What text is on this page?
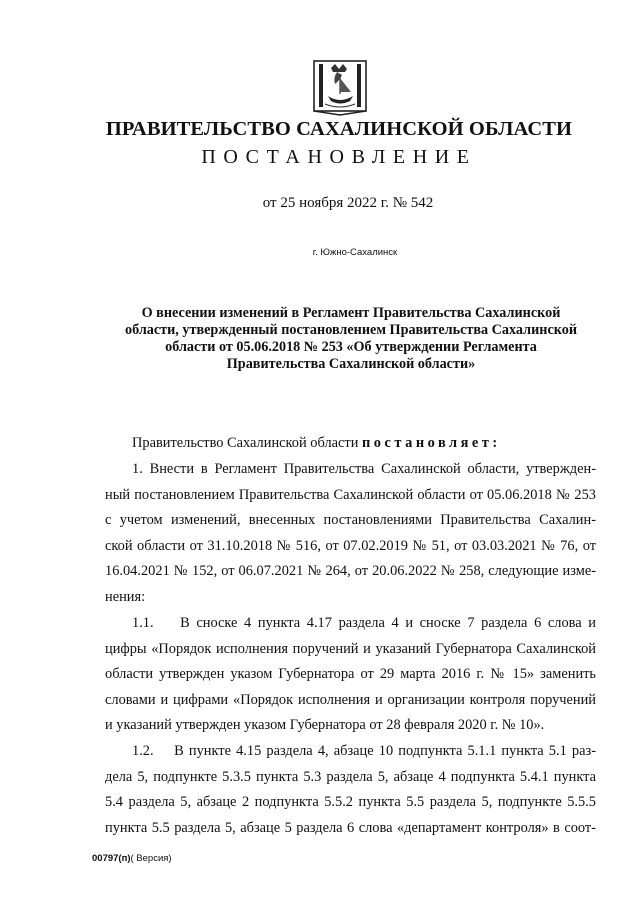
ПРАВИТЕЛЬСТВО САХАЛИНСКОЙ ОБЛАСТИ
ПОСТАНОВЛЕНИЕ
от 25 ноября 2022 г. № 542
г. Южно-Сахалинск
О внесении изменений в Регламент Правительства Сахалинской
области, утвержденный постановлением Правительства Сахалинской
области от 05.06.2018 № 253 «Об утверждении Регламента
Правительства Сахалинской области»
Правительство Сахалинской области постановляет:
1. Внести в Регламент Правительства Сахалинской области, утвержден-
ный постановлением Правительства Сахалинской области от 05.06.2018 № 253
с учетом изменений, внесенных постановлениями Правительства Сахалин-
ской области от 31.10.2018 № 516, от 07.02.2019 № 51, от 03.03.2021 № 76, от
16.04.2021 № 152, от 06.07.2021 № 264, от 20.06.2022 № 258, следующие изме-
нения:
1.1.    В сноске 4 пункта 4.17 раздела 4 и сноске 7 раздела 6 слова и
цифры «Порядок исполнения поручений и указаний Губернатора Сахалинской
области утвержден указом Губернатора от 29 марта 2016 г. № 15» заменить
словами и цифрами «Порядок исполнения и организации контроля поручений
и указаний утвержден указом Губернатора от 28 февраля 2020 г. № 10».
1.2.    В пункте 4.15 раздела 4, абзаце 10 подпункта 5.1.1 пункта 5.1 раз-
дела 5, подпункте 5.3.5 пункта 5.3 раздела 5, абзаце 4 подпункта 5.4.1 пункта
5.4 раздела 5, абзаце 2 подпункта 5.5.2 пункта 5.5 раздела 5, подпункте 5.5.5
пункта 5.5 раздела 5, абзаце 5 раздела 6 слова «департамент контроля» в соот-
00797(п)( Версия)
